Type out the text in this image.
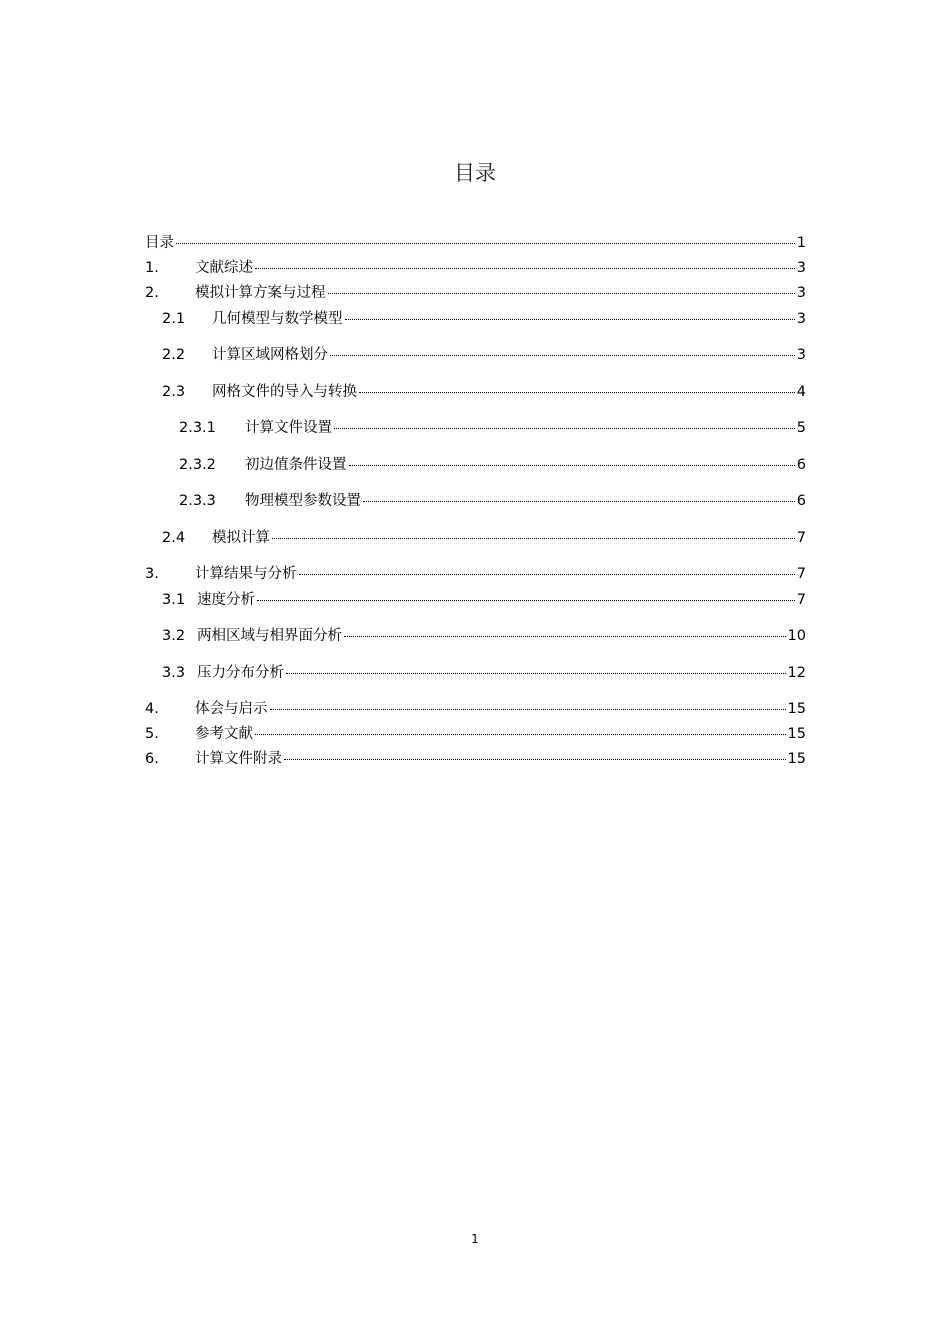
目录
目录	1
1.	文献综述	3
2.	模拟计算方案与过程	3
2.1	几何模型与数学模型	3
2.2	计算区域网格划分	3
2.3	网格文件的导入与转换	4
2.3.1	计算文件设置	5
2.3.2	初边值条件设置	6
2.3.3	物理模型参数设置	6
2.4	模拟计算	7
3.	计算结果与分析	7
3.1 速度分析	7
3.2 两相区域与相界面分析	10
3.3 压力分布分析	12
4.	体会与启示	15
5.	参考文献	15
6.	计算文件附录	15
1
